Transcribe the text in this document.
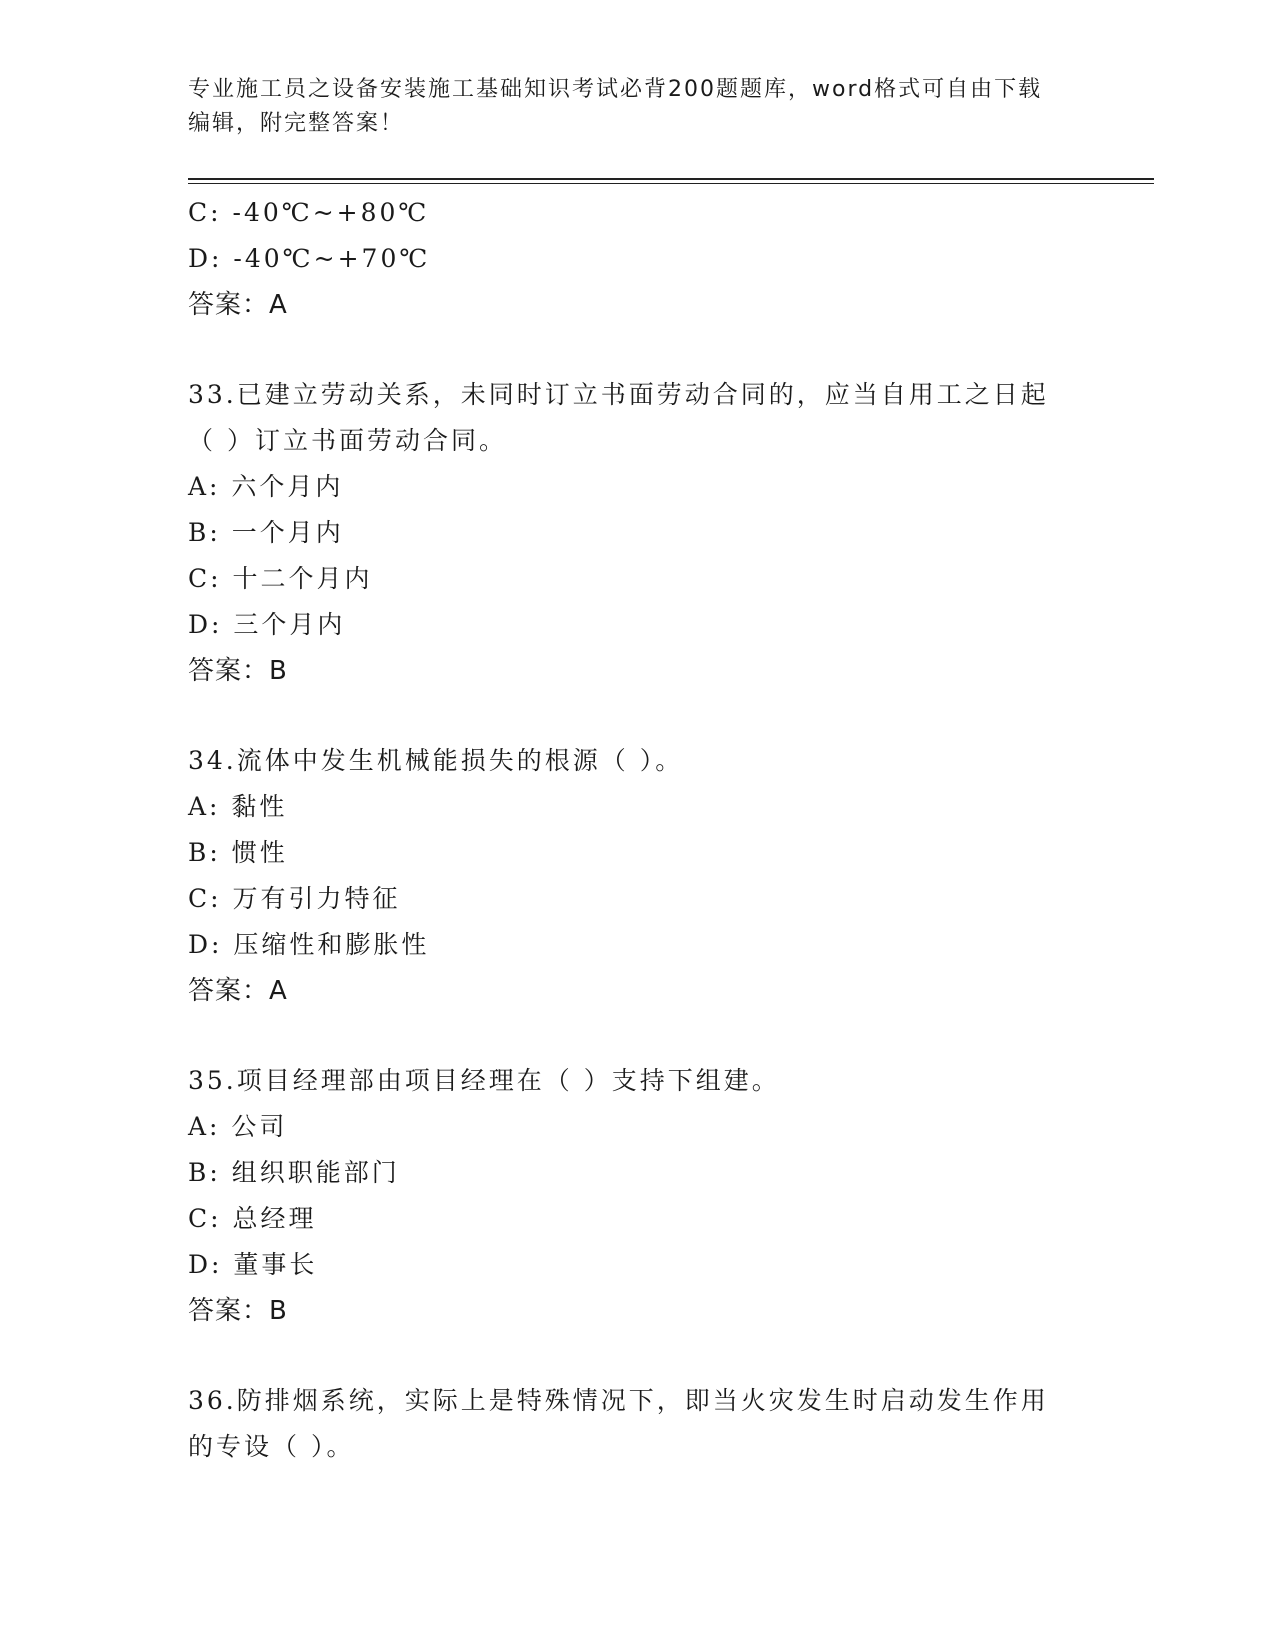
专业施工员之设备安装施工基础知识考试必背200题题库，word格式可自由下载
编辑，附完整答案！
C: -40℃~+80℃
D: -40℃~+70℃
答案：A
33.已建立劳动关系，未同时订立书面劳动合同的，应当自用工之日起
（ ）订立书面劳动合同。
A: 六个月内
B: 一个月内
C: 十二个月内
D: 三个月内
答案：B
34.流体中发生机械能损失的根源（ ）。
A: 黏性
B: 惯性
C: 万有引力特征
D: 压缩性和膨胀性
答案：A
35.项目经理部由项目经理在（ ）支持下组建。
A: 公司
B: 组织职能部门
C: 总经理
D: 董事长
答案：B
36.防排烟系统，实际上是特殊情况下，即当火灾发生时启动发生作用
的专设（ ）。
